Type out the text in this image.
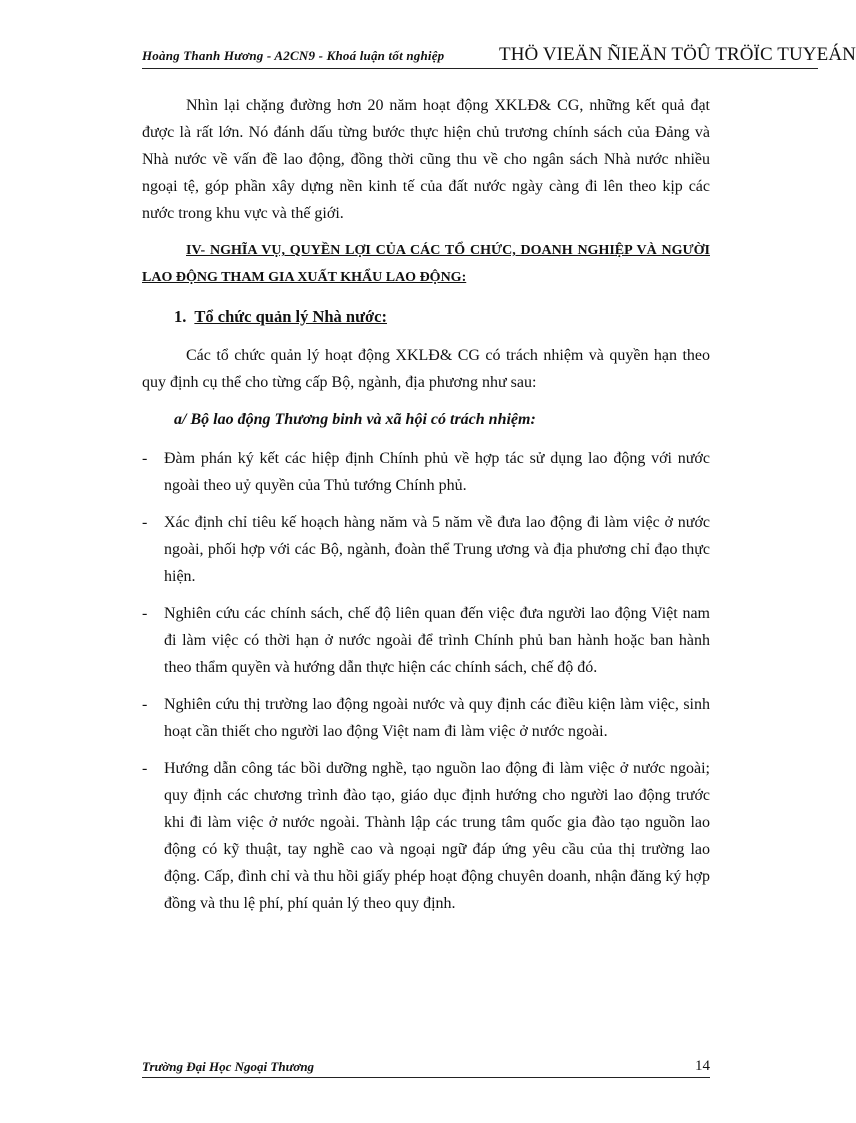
Hoàng Thanh Hương - A2CN9 - Khoá luận tốt nghiệp	THÖ VIEÄN ÑIEÄN TÖÛ TRÖÏC TUYEÁN

Nhìn lại chặng đường hơn 20 năm hoạt động XKLĐ& CG, những kết quả đạt được là rất lớn. Nó đánh dấu từng bước thực hiện chủ trương chính sách của Đảng và Nhà nước về vấn đề lao động, đồng thời cũng thu về cho ngân sách Nhà nước nhiều ngoại tệ, góp phần xây dựng nền kinh tế của đất nước ngày càng đi lên theo kịp các nước trong khu vực và thế giới.

IV- NGHĨA VỤ, QUYỀN LỢI CỦA CÁC TỔ CHỨC, DOANH NGHIỆP VÀ NGƯỜI LAO ĐỘNG THAM GIA XUẤT KHẨU LAO ĐỘNG:

1. Tổ chức quản lý Nhà nước:

Các tổ chức quản lý hoạt động XKLĐ& CG có trách nhiệm và quyền hạn theo quy định cụ thể cho từng cấp Bộ, ngành, địa phương như sau:

a/ Bộ lao động Thương binh và xã hội có trách nhiệm:

- Đàm phán ký kết các hiệp định Chính phủ về hợp tác sử dụng lao động với nước ngoài theo uỷ quyền của Thủ tướng Chính phủ.
- Xác định chỉ tiêu kế hoạch hàng năm và 5 năm về đưa lao động đi làm việc ở nước ngoài, phối hợp với các Bộ, ngành, đoàn thể Trung ương và địa phương chỉ đạo thực hiện.
- Nghiên cứu các chính sách, chế độ liên quan đến việc đưa người lao động Việt nam đi làm việc có thời hạn ở nước ngoài để trình Chính phủ ban hành hoặc ban hành theo thẩm quyền và hướng dẫn thực hiện các chính sách, chế độ đó.
- Nghiên cứu thị trường lao động ngoài nước và quy định các điều kiện làm việc, sinh hoạt cần thiết cho người lao động Việt nam đi làm việc ở nước ngoài.
- Hướng dẫn công tác bồi dưỡng nghề, tạo nguồn lao động đi làm việc ở nước ngoài; quy định các chương trình đào tạo, giáo dục định hướng cho người lao động trước khi đi làm việc ở nước ngoài. Thành lập các trung tâm quốc gia đào tạo nguồn lao động có kỹ thuật, tay nghề cao và ngoại ngữ đáp ứng yêu cầu của thị trường lao động. Cấp, đình chỉ và thu hồi giấy phép hoạt động chuyên doanh, nhận đăng ký hợp đồng và thu lệ phí, phí quản lý theo quy định.
Trường Đại Học Ngoại Thương	14
